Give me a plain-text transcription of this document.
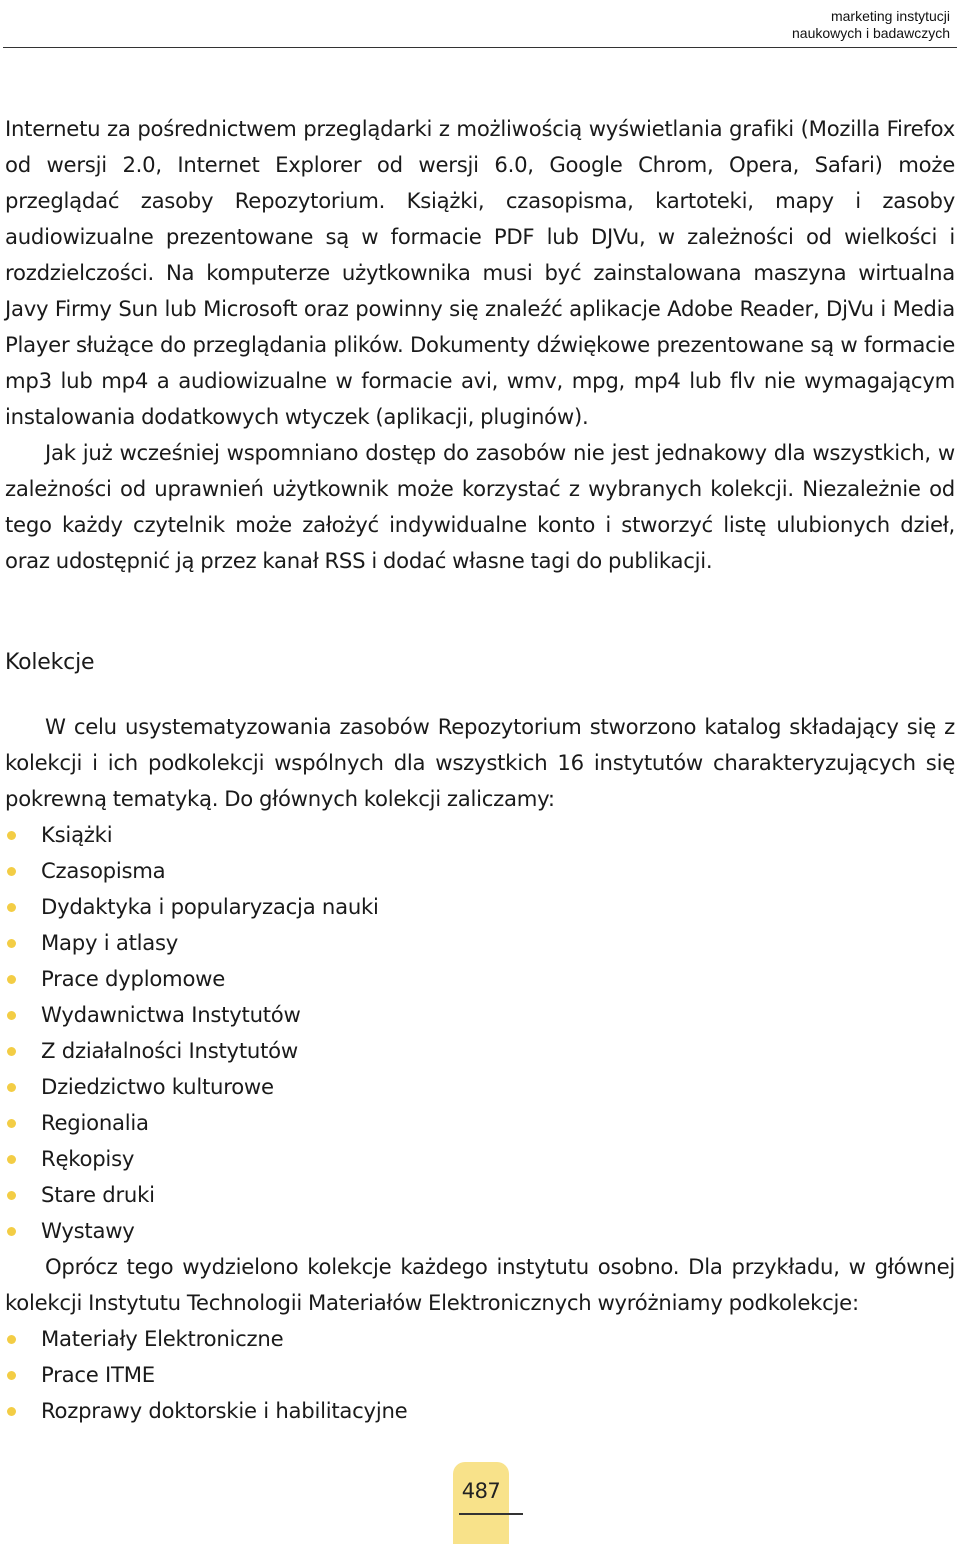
marketing instytucji
naukowych i badawczych

Internetu za pośrednictwem przeglądarki z możliwością wyświetlania grafiki (Mozilla Firefox od wersji 2.0, Internet Explorer od wersji 6.0, Google Chrom, Opera, Safari) może przeglądać zasoby Repozytorium. Książki, czasopisma, kartoteki, mapy i zasoby audiowizualne prezentowane są w formacie PDF lub DJVu, w zależności od wielkości i rozdzielczości. Na komputerze użytkownika musi być zainstalowana maszyna wirtualna Javy Firmy Sun lub Microsoft oraz powinny się znaleźć aplikacje Adobe Reader, DjVu i Media Player służące do przeglądania plików. Dokumenty dźwiękowe prezentowane są w formacie mp3 lub mp4 a audiowizualne w formacie avi, wmv, mpg, mp4 lub flv nie wymagającym instalowania dodatkowych wtyczek (aplikacji, pluginów).

Jak już wcześniej wspomniano dostęp do zasobów nie jest jednakowy dla wszystkich, w zależności od uprawnień użytkownik może korzystać z wybranych kolekcji. Niezależnie od tego każdy czytelnik może założyć indywidualne konto i stworzyć listę ulubionych dzieł, oraz udostępnić ją przez kanał RSS i dodać własne tagi do publikacji.

Kolekcje

W celu usystematyzowania zasobów Repozytorium stworzono katalog składający się z kolekcji i ich podkolekcji wspólnych dla wszystkich 16 instytutów charakteryzujących się pokrewną tematyką. Do głównych kolekcji zaliczamy:

Książki
Czasopisma
Dydaktyka i popularyzacja nauki
Mapy i atlasy
Prace dyplomowe
Wydawnictwa Instytutów
Z działalności Instytutów
Dziedzictwo kulturowe
Regionalia
Rękopisy
Stare druki
Wystawy

Oprócz tego wydzielono kolekcje każdego instytutu osobno. Dla przykładu, w głównej kolekcji Instytutu Technologii Materiałów Elektronicznych wyróżniamy podkolekcje:

Materiały Elektroniczne
Prace ITME
Rozprawy doktorskie i habilitacyjne
487
